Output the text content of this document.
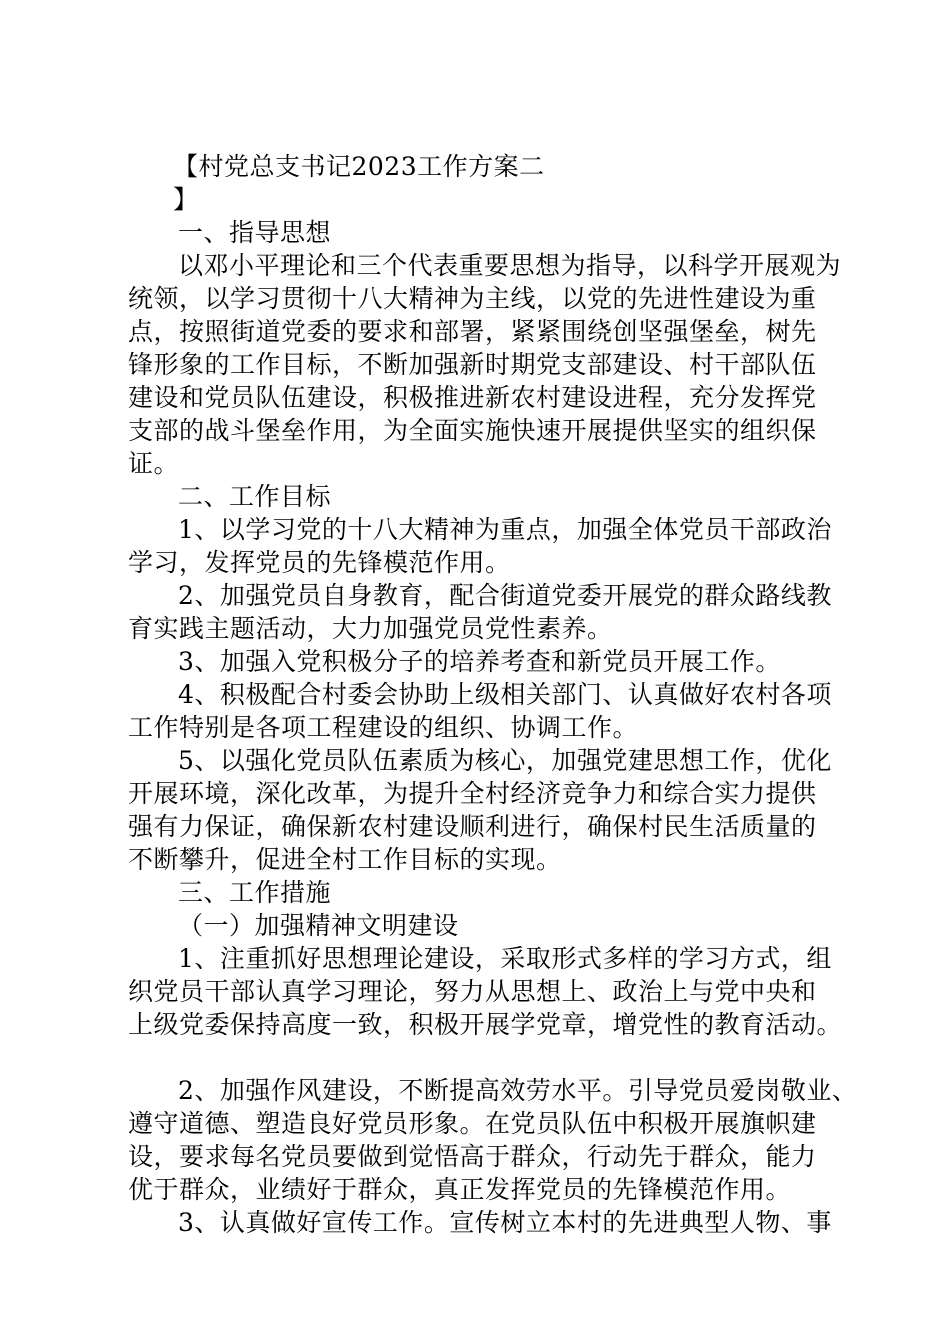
【村党总支书记2023工作方案二
】
一、指导思想
以邓小平理论和三个代表重要思想为指导，以科学开展观为
统领，以学习贯彻十八大精神为主线，以党的先进性建设为重
点，按照街道党委的要求和部署，紧紧围绕创坚强堡垒，树先
锋形象的工作目标，不断加强新时期党支部建设、村干部队伍
建设和党员队伍建设，积极推进新农村建设进程，充分发挥党
支部的战斗堡垒作用，为全面实施快速开展提供坚实的组织保
证。
二、工作目标
1、以学习党的十八大精神为重点，加强全体党员干部政治
学习，发挥党员的先锋模范作用。
2、加强党员自身教育，配合街道党委开展党的群众路线教
育实践主题活动，大力加强党员党性素养。
3、加强入党积极分子的培养考查和新党员开展工作。
4、积极配合村委会协助上级相关部门、认真做好农村各项
工作特别是各项工程建设的组织、协调工作。
5、以强化党员队伍素质为核心，加强党建思想工作，优化
开展环境，深化改革，为提升全村经济竞争力和综合实力提供
强有力保证，确保新农村建设顺利进行，确保村民生活质量的
不断攀升，促进全村工作目标的实现。
三、工作措施
（一）加强精神文明建设
1、注重抓好思想理论建设，采取形式多样的学习方式，组
织党员干部认真学习理论，努力从思想上、政治上与党中央和
上级党委保持高度一致，积极开展学党章，增党性的教育活动。
2、加强作风建设，不断提高效劳水平。引导党员爱岗敬业、
遵守道德、塑造良好党员形象。在党员队伍中积极开展旗帜建
设，要求每名党员要做到觉悟高于群众，行动先于群众，能力
优于群众，业绩好于群众，真正发挥党员的先锋模范作用。
3、认真做好宣传工作。宣传树立本村的先进典型人物、事
